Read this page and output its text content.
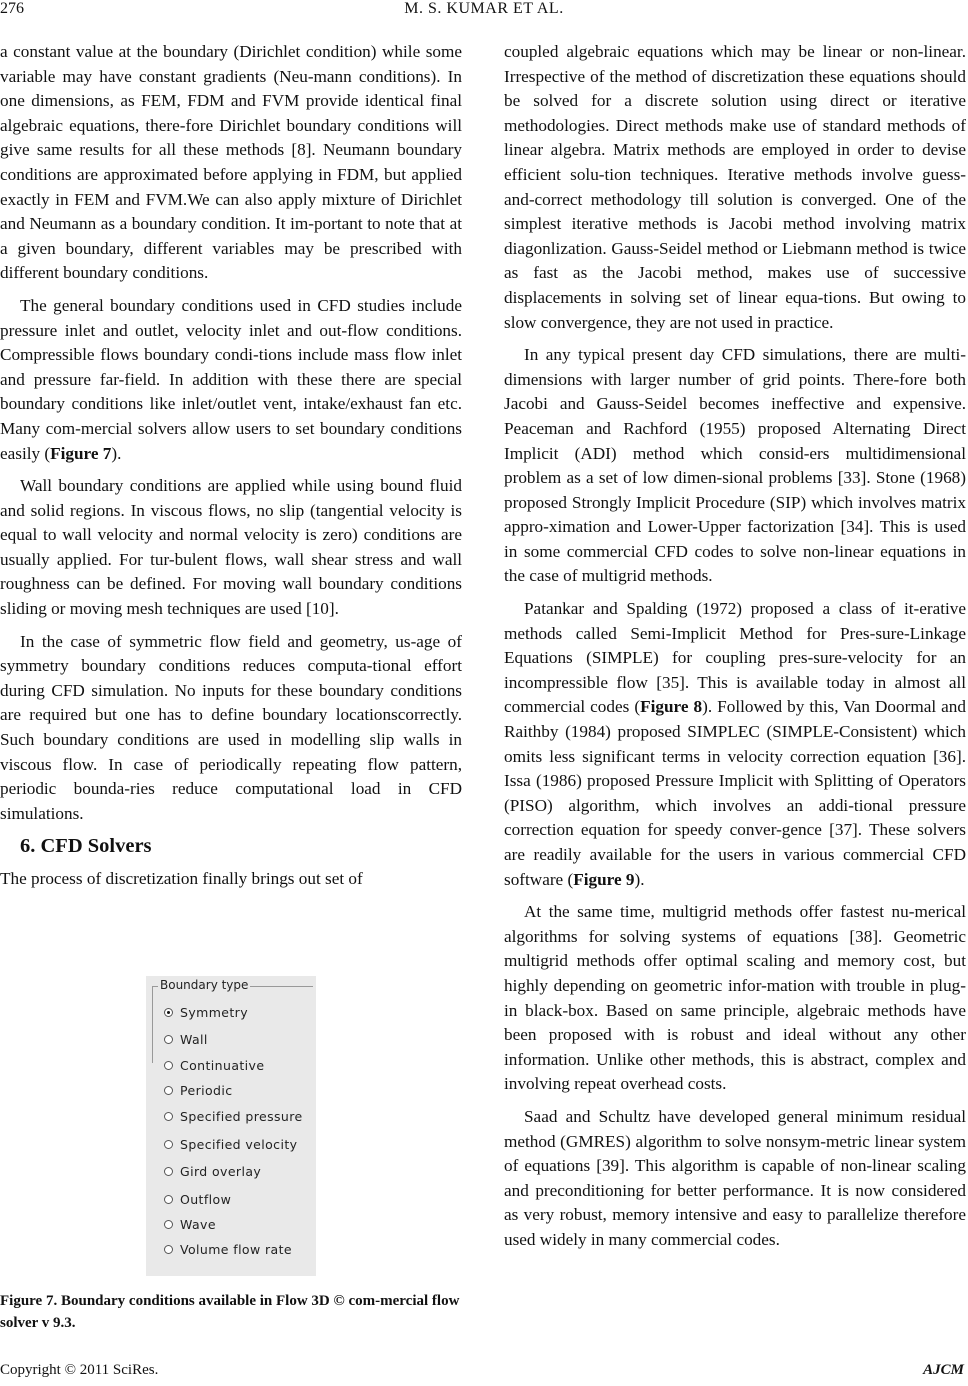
276	M. S. KUMAR ET AL.

a constant value at the boundary (Dirichlet condition) while some variable may have constant gradients (Neu-mann conditions). In one dimensions, as FEM, FDM and FVM provide identical final algebraic equations, there-fore Dirichlet boundary conditions will give same results for all these methods [8]. Neumann boundary conditions are approximated before applying in FDM, but applied exactly in FEM and FVM.We can also apply mixture of Dirichlet and Neumann as a boundary condition. It im-portant to note that at a given boundary, different variables may be prescribed with different boundary conditions.

The general boundary conditions used in CFD studies include pressure inlet and outlet, velocity inlet and out-flow conditions. Compressible flows boundary condi-tions include mass flow inlet and pressure far-field. In addition with these there are special boundary conditions like inlet/outlet vent, intake/exhaust fan etc. Many com-mercial solvers allow users to set boundary conditions easily (Figure 7).

Wall boundary conditions are applied while using bound fluid and solid regions. In viscous flows, no slip (tangential velocity is equal to wall velocity and normal velocity is zero) conditions are usually applied. For tur-bulent flows, wall shear stress and wall roughness can be defined. For moving wall boundary conditions sliding or moving mesh techniques are used [10].

In the case of symmetric flow field and geometry, us-age of symmetry boundary conditions reduces computa-tional effort during CFD simulation. No inputs for these boundary conditions are required but one has to define boundary locationscorrectly. Such boundary conditions are used in modelling slip walls in viscous flow. In case of periodically repeating flow pattern, periodic bounda-ries reduce computational load in CFD simulations.

6. CFD Solvers

The process of discretization finally brings out set of

Boundary type
Symmetry
Wall
Continuative
Periodic
Specified pressure
Specified velocity
Gird overlay
Outflow
Wave
Volume flow rate
Figure 7. Boundary conditions available in Flow 3D © com-mercial flow solver v 9.3.

coupled algebraic equations which may be linear or non-linear. Irrespective of the method of discretization these equations should be solved for a discrete solution using direct or iterative methodologies. Direct methods make use of standard methods of linear algebra. Matrix methods are employed in order to devise efficient solu-tion techniques. Iterative methods involve guess-and-correct methodology till solution is converged. One of the simplest iterative methods is Jacobi method involving matrix diagonlization. Gauss-Seidel method or Liebmann method is twice as fast as the Jacobi method, makes use of successive displacements in solving set of linear equa-tions. But owing to slow convergence, they are not used in practice.

In any typical present day CFD simulations, there are multi-dimensions with larger number of grid points. There-fore both Jacobi and Gauss-Seidel becomes ineffective and expensive. Peaceman and Rachford (1955) proposed Alternating Direct Implicit (ADI) method which consid-ers multidimensional problem as a set of low dimen-sional problems [33]. Stone (1968) proposed Strongly Implicit Procedure (SIP) which involves matrix appro-ximation and Lower-Upper factorization [34]. This is used in some commercial CFD codes to solve non-linear equations in the case of multigrid methods.

Patankar and Spalding (1972) proposed a class of it-erative methods called Semi-Implicit Method for Pres-sure-Linkage Equations (SIMPLE) for coupling pres-sure-velocity for an incompressible flow [35]. This is available today in almost all commercial codes (Figure 8). Followed by this, Van Doormal and Raithby (1984) proposed SIMPLEC (SIMPLE-Consistent) which omits less significant terms in velocity correction equation [36]. Issa (1986) proposed Pressure Implicit with Splitting of Operators (PISO) algorithm, which involves an addi-tional pressure correction equation for speedy conver-gence [37]. These solvers are readily available for the users in various commercial CFD software (Figure 9).

At the same time, multigrid methods offer fastest nu-merical algorithms for solving systems of equations [38]. Geometric multigrid methods offer optimal scaling and memory cost, but highly depending on geometric infor-mation with trouble in plug-in black-box. Based on same principle, algebraic methods have been proposed with is robust and ideal without any other information. Unlike other methods, this is abstract, complex and involving repeat overhead costs.

Saad and Schultz have developed general minimum residual method (GMRES) algorithm to solve nonsym-metric linear system of equations [39]. This algorithm is capable of non-linear scaling and preconditioning for better performance. It is now considered as very robust, memory intensive and easy to parallelize therefore used widely in many commercial codes.

Copyright © 2011 SciRes.	AJCM
